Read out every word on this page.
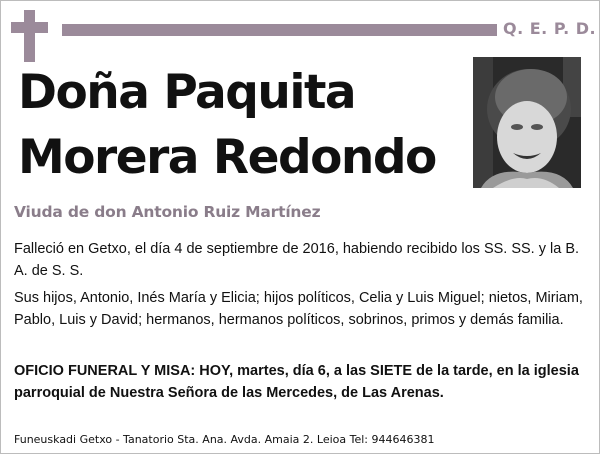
Q. E. P. D.
Doña Paquita
Morera Redondo
Viuda de don Antonio Ruiz Martínez
Falleció en Getxo, el día 4 de septiembre de 2016, habiendo recibido los SS. SS. y la B. A. de S. S.
Sus hijos, Antonio, Inés María y Elicia; hijos políticos, Celia y Luis Miguel; nietos, Miriam, Pablo, Luis y David; hermanos, hermanos políticos, sobrinos, primos y demás familia.
OFICIO FUNERAL Y MISA: HOY, martes, día 6, a las SIETE de la tarde, en la iglesia parroquial de Nuestra Señora de las Mercedes, de Las Arenas.
Funeuskadi Getxo - Tanatorio Sta. Ana. Avda. Amaia 2. Leioa Tel: 944646381
